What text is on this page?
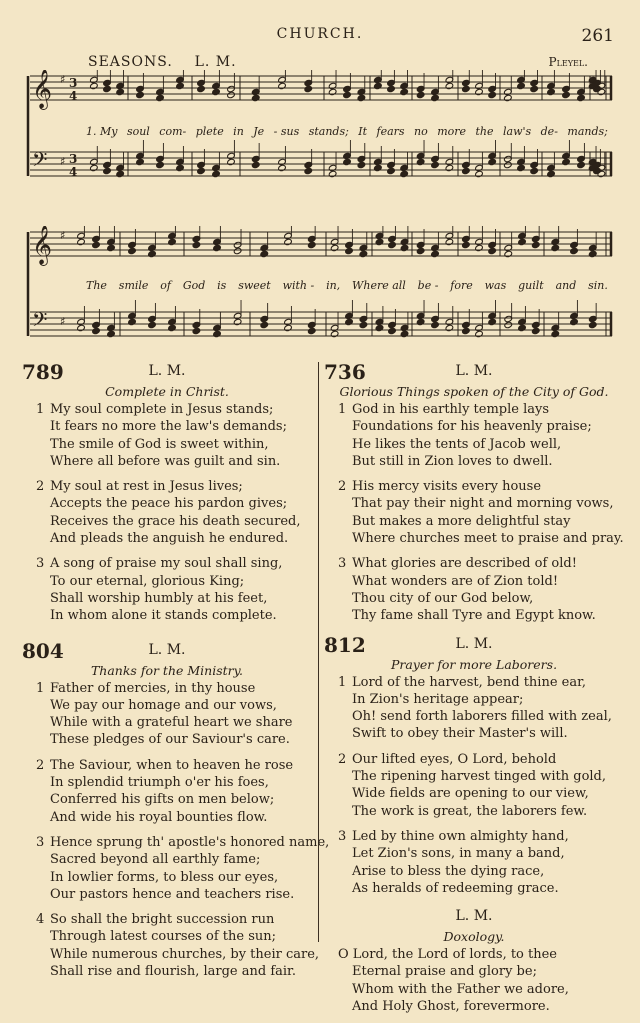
CHURCH.	261
SEASONS. L. M.	Pleyel.
𝄞 ♯ 3
4
𝄢 ♯ 3
4
1. My soul com- plete in Je - sus stands; It fears no more the law's de- mands;
𝄞 ♯
𝄢 ♯
The smile of God is sweet with - in, Where all be - fore was guilt and sin.
789	L. M.
Complete in Christ.
1 My soul complete in Jesus stands;
It fears no more the law's demands;
The smile of God is sweet within,
Where all before was guilt and sin.
2 My soul at rest in Jesus lives;
Accepts the peace his pardon gives;
Receives the grace his death secured,
And pleads the anguish he endured.
3 A song of praise my soul shall sing,
To our eternal, glorious King;
Shall worship humbly at his feet,
In whom alone it stands complete.
804	L. M.
Thanks for the Ministry.
1 Father of mercies, in thy house
We pay our homage and our vows,
While with a grateful heart we share
These pledges of our Saviour's care.
2 The Saviour, when to heaven he rose
In splendid triumph o'er his foes,
Conferred his gifts on men below;
And wide his royal bounties flow.
3 Hence sprung th' apostle's honored name,
Sacred beyond all earthly fame;
In lowlier forms, to bless our eyes,
Our pastors hence and teachers rise.
4 So shall the bright succession run
Through latest courses of the sun;
While numerous churches, by their care,
Shall rise and flourish, large and fair.
736	L. M.
Glorious Things spoken of the City of God.
1 God in his earthly temple lays
Foundations for his heavenly praise;
He likes the tents of Jacob well,
But still in Zion loves to dwell.
2 His mercy visits every house
That pay their night and morning vows,
But makes a more delightful stay
Where churches meet to praise and pray.
3 What glories are described of old!
What wonders are of Zion told!
Thou city of our God below,
Thy fame shall Tyre and Egypt know.
812	L. M.
Prayer for more Laborers.
1 Lord of the harvest, bend thine ear,
In Zion's heritage appear;
Oh! send forth laborers filled with zeal,
Swift to obey their Master's will.
2 Our lifted eyes, O Lord, behold
The ripening harvest tinged with gold,
Wide fields are opening to our view,
The work is great, the laborers few.
3 Led by thine own almighty hand,
Let Zion's sons, in many a band,
Arise to bless the dying race,
As heralds of redeeming grace.
L. M.
Doxology.
O Lord, the Lord of lords, to thee
Eternal praise and glory be;
Whom with the Father we adore,
And Holy Ghost, forevermore.
